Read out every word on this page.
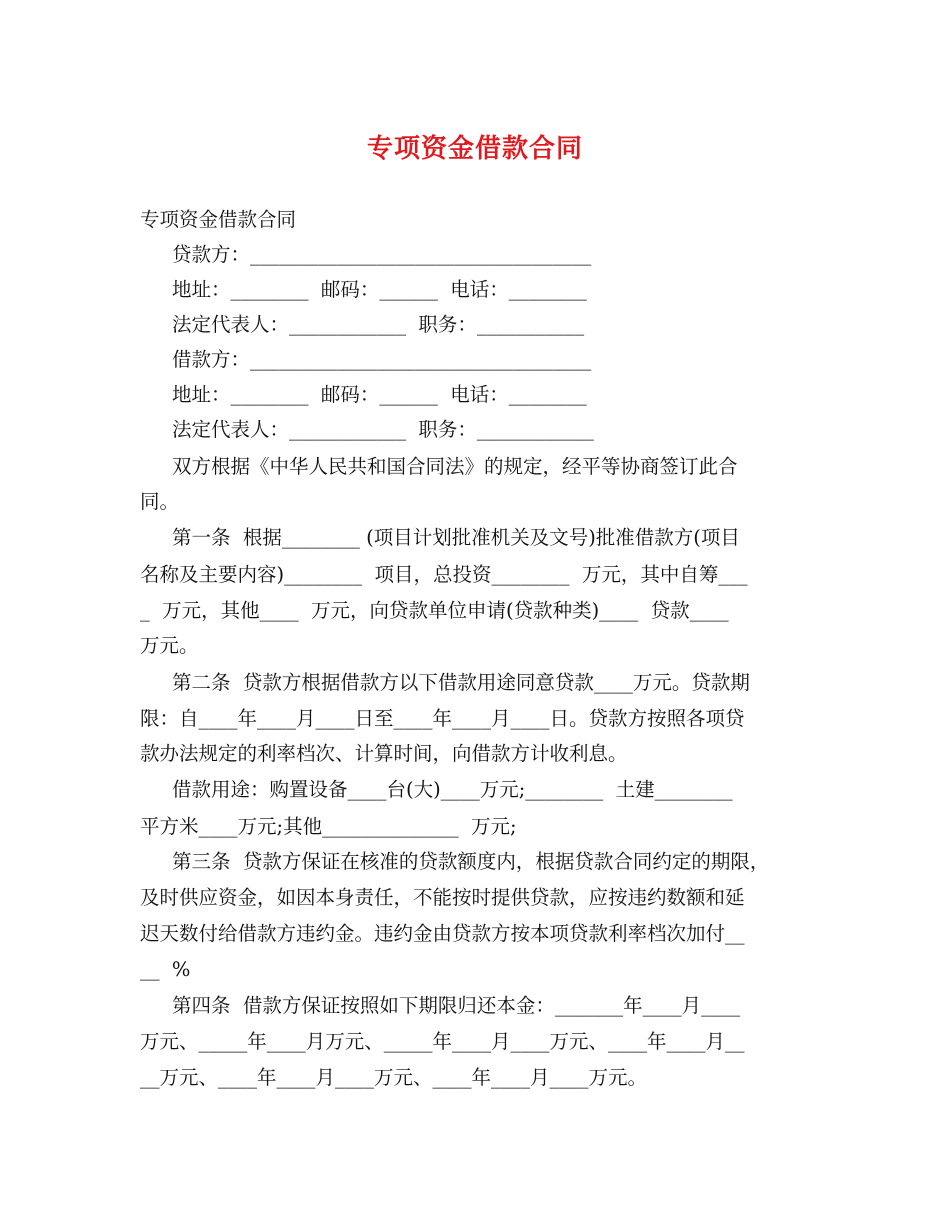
专项资金借款合同
专项资金借款合同
贷款方：___________________________________
地址：________  邮码：______  电话：________
法定代表人：____________  职务：___________
借款方：___________________________________
地址：________  邮码：______  电话：________
法定代表人：____________  职务：____________
双方根据《中华人民共和国合同法》的规定，经平等协商签订此合
同。
第一条  根据________ (项目计划批准机关及文号)批准借款方(项目
名称及主要内容)________  项目，总投资________  万元，其中自筹___
_  万元，其他____  万元，向贷款单位申请(贷款种类)____  贷款____
万元。
第二条  贷款方根据借款方以下借款用途同意贷款____万元。贷款期
限：自____年____月____日至____年____月____日。贷款方按照各项贷
款办法规定的利率档次、计算时间，向借款方计收利息。
借款用途：购置设备____台(大)____万元;________  土建________
平方米____万元;其他______________  万元;
第三条  贷款方保证在核准的贷款额度内，根据贷款合同约定的期限，
及时供应资金，如因本身责任，不能按时提供贷款，应按违约数额和延
迟天数付给借款方违约金。违约金由贷款方按本项贷款利率档次加付__
__  %
第四条  借款方保证按照如下期限归还本金：_______年____月____
万元、_____年____月万元、_____年____月____万元、____年____月__
__万元、____年____月____万元、____年____月____万元。
